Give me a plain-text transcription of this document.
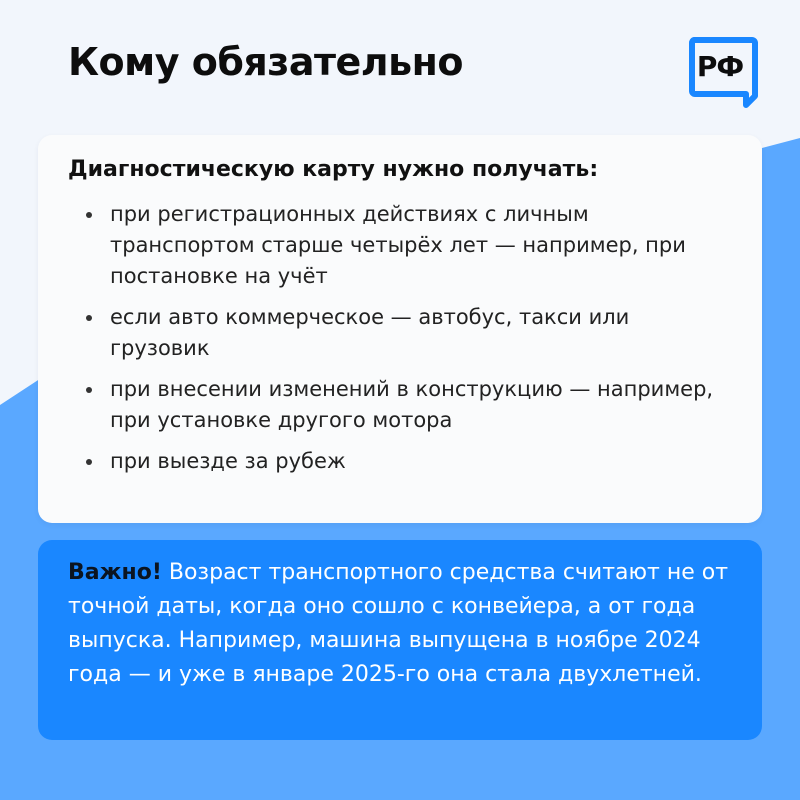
Кому обязательно	РФ

Диагностическую карту нужно получать:

при регистрационных действиях с личным транспортом старше четырёх лет — например, при постановке на учёт
если авто коммерческое — автобус, такси или грузовик
при внесении изменений в конструкцию — например, при установке другого мотора
при выезде за рубеж
Важно! Возраст транспортного средства считают не от точной даты, когда оно сошло с конвейера, а от года выпуска. Например, машина выпущена в ноябре 2024 года — и уже в январе 2025-го она стала двухлетней.
